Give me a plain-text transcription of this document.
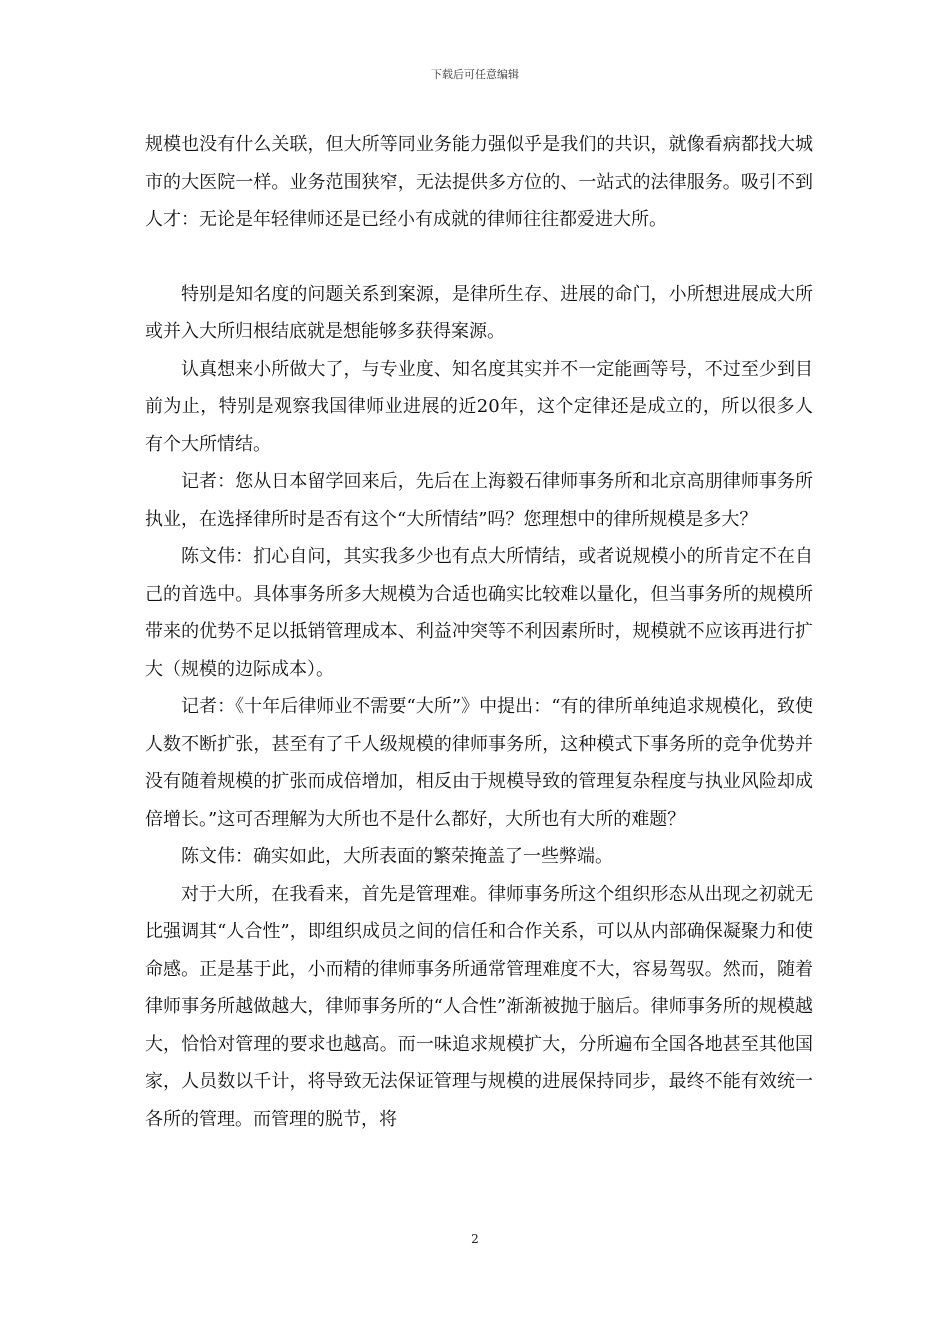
下载后可任意编辑

规模也没有什么关联，但大所等同业务能力强似乎是我们的共识，就像看病都找大城市的大医院一样。业务范围狭窄，无法提供多方位的、一站式的法律服务。吸引不到人才：无论是年轻律师还是已经小有成就的律师往往都爱进大所。

特别是知名度的问题关系到案源，是律所生存、进展的命门，小所想进展成大所或并入大所归根结底就是想能够多获得案源。

认真想来小所做大了，与专业度、知名度其实并不一定能画等号，不过至少到目前为止，特别是观察我国律师业进展的近20年，这个定律还是成立的，所以很多人有个大所情结。

记者：您从日本留学回来后，先后在上海毅石律师事务所和北京高朋律师事务所执业，在选择律所时是否有这个“大所情结”吗？您理想中的律所规模是多大？

陈文伟：扪心自问，其实我多少也有点大所情结，或者说规模小的所肯定不在自己的首选中。具体事务所多大规模为合适也确实比较难以量化，但当事务所的规模所带来的优势不足以抵销管理成本、利益冲突等不利因素所时，规模就不应该再进行扩大（规模的边际成本）。

记者：《十年后律师业不需要“大所”》中提出：“有的律所单纯追求规模化，致使人数不断扩张，甚至有了千人级规模的律师事务所，这种模式下事务所的竞争优势并没有随着规模的扩张而成倍增加，相反由于规模导致的管理复杂程度与执业风险却成倍增长。”这可否理解为大所也不是什么都好，大所也有大所的难题？

陈文伟：确实如此，大所表面的繁荣掩盖了一些弊端。

对于大所，在我看来，首先是管理难。律师事务所这个组织形态从出现之初就无比强调其“人合性”，即组织成员之间的信任和合作关系，可以从内部确保凝聚力和使命感。正是基于此，小而精的律师事务所通常管理难度不大，容易驾驭。然而，随着律师事务所越做越大，律师事务所的“人合性”渐渐被抛于脑后。律师事务所的规模越大，恰恰对管理的要求也越高。而一味追求规模扩大，分所遍布全国各地甚至其他国家，人员数以千计，将导致无法保证管理与规模的进展保持同步，最终不能有效统一各所的管理。而管理的脱节，将

2
